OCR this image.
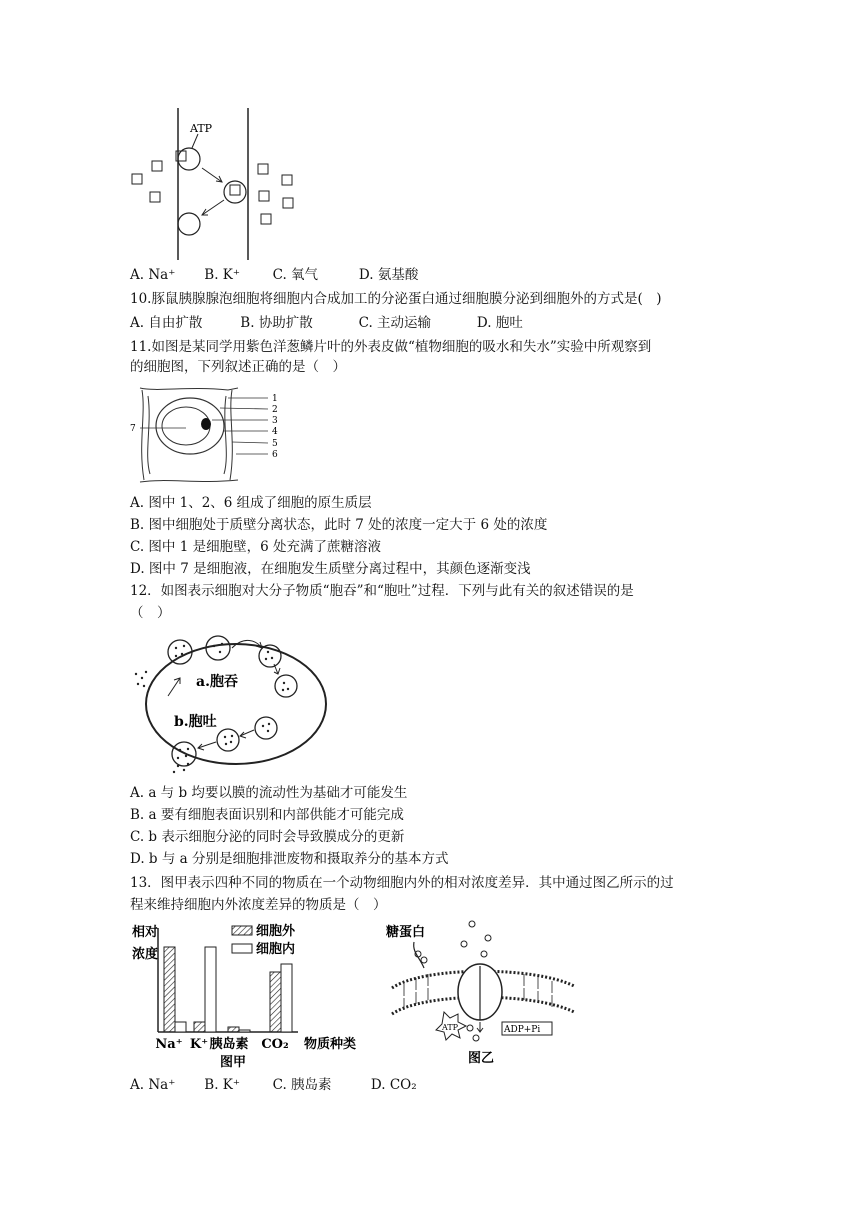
ATP
A. Na⁺ B. K⁺ C. 氧气	D. 氨基酸
10.豚鼠胰腺腺泡细胞将细胞内合成加工的分泌蛋白通过细胞膜分泌到细胞外的方式是(　)
A. 自由扩散	B. 协助扩散	C. 主动运输	D. 胞吐
11.如图是某同学用紫色洋葱鳞片叶的外表皮做“植物细胞的吸水和失水”实验中所观察到
的细胞图，下列叙述正确的是（　）
1
2
3
4
5
6
7
A. 图中 1、2、6 组成了细胞的原生质层
B. 图中细胞处于质壁分离状态，此时 7 处的浓度一定大于 6 处的浓度
C. 图中 1 是细胞壁，6 处充满了蔗糖溶液
D. 图中 7 是细胞液，在细胞发生质壁分离过程中，其颜色逐渐变浅
12．如图表示细胞对大分子物质“胞吞”和“胞吐”过程．下列与此有关的叙述错误的是
（　）
a.胞吞
b.胞吐
A. a 与 b 均要以膜的流动性为基础才可能发生
B. a 要有细胞表面识别和内部供能才可能完成
C. b 表示细胞分泌的同时会导致膜成分的更新
D. b 与 a 分别是细胞排泄废物和摄取养分的基本方式
13．图甲表示四种不同的物质在一个动物细胞内外的相对浓度差异．其中通过图乙所示的过
程来维持细胞内外浓度差异的物质是（　）
相对浓度
Na⁺ K⁺ 胰岛素 CO₂ 物质种类
图甲
细胞外
细胞内
糖蛋白
ATP	ADP+Pi
图乙
A. Na⁺ B. K⁺ C. 胰岛素	D. CO₂
